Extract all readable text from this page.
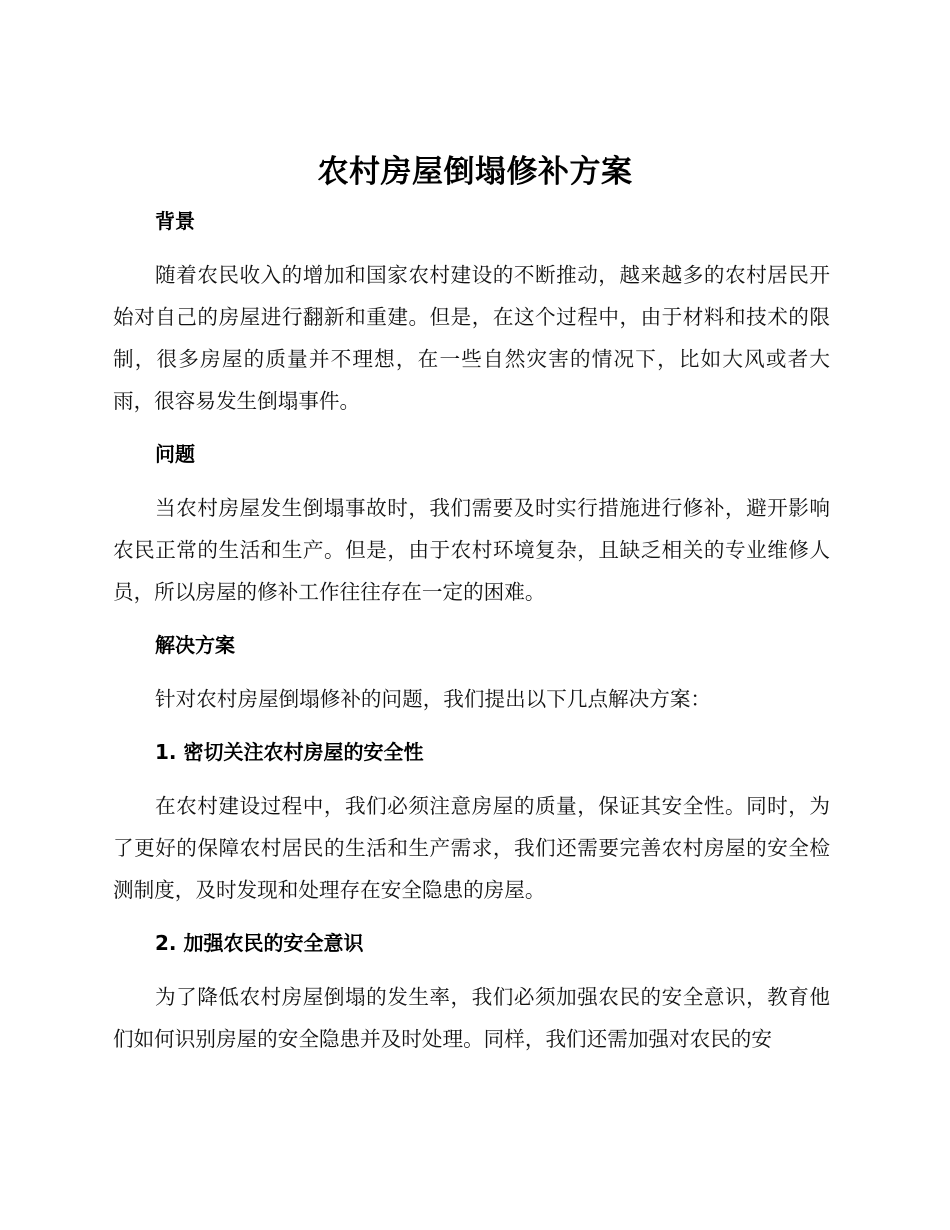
农村房屋倒塌修补方案
背景

随着农民收入的增加和国家农村建设的不断推动，越来越多的农村居民开始对自己的房屋进行翻新和重建。但是，在这个过程中，由于材料和技术的限制，很多房屋的质量并不理想，在一些自然灾害的情况下，比如大风或者大雨，很容易发生倒塌事件。

问题

当农村房屋发生倒塌事故时，我们需要及时实行措施进行修补，避开影响农民正常的生活和生产。但是，由于农村环境复杂，且缺乏相关的专业维修人员，所以房屋的修补工作往往存在一定的困难。

解决方案

针对农村房屋倒塌修补的问题，我们提出以下几点解决方案：

1. 密切关注农村房屋的安全性

在农村建设过程中，我们必须注意房屋的质量，保证其安全性。同时，为了更好的保障农村居民的生活和生产需求，我们还需要完善农村房屋的安全检测制度，及时发现和处理存在安全隐患的房屋。

2. 加强农民的安全意识

为了降低农村房屋倒塌的发生率，我们必须加强农民的安全意识，教育他们如何识别房屋的安全隐患并及时处理。同样，我们还需加强对农民的安
